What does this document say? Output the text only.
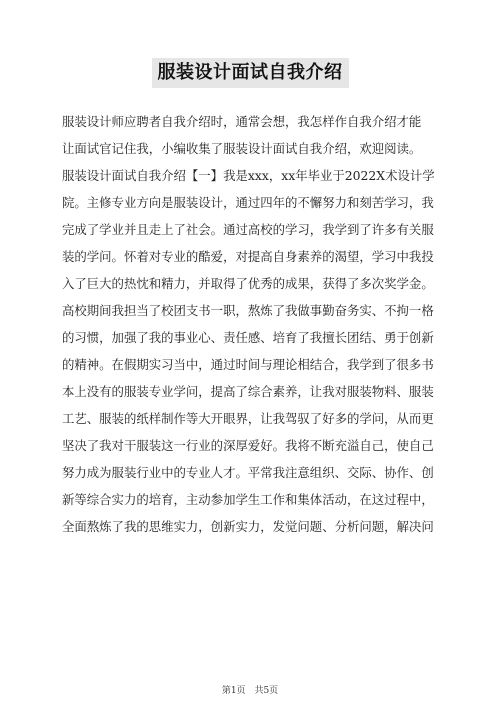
服装设计面试自我介绍
服装设计师应聘者自我介绍时，通常会想，我怎样作自我介绍才能
让面试官记住我，小编收集了服装设计面试自我介绍，欢迎阅读。
服装设计面试自我介绍【一】我是xxx，xx年毕业于2022X术设计学
院。主修专业方向是服装设计，通过四年的不懈努力和刻苦学习，我
完成了学业并且走上了社会。通过高校的学习，我学到了许多有关服
装的学问。怀着对专业的酷爱，对提高自身素养的渴望，学习中我投
入了巨大的热忱和精力，并取得了优秀的成果，获得了多次奖学金。
高校期间我担当了校团支书一职，熬炼了我做事勤奋务实、不拘一格
的习惯，加强了我的事业心、责任感、培育了我擅长团结、勇于创新
的精神。在假期实习当中，通过时间与理论相结合，我学到了很多书
本上没有的服装专业学问，提高了综合素养，让我对服装物料、服装
工艺、服装的纸样制作等大开眼界，让我驾驭了好多的学问，从而更
坚决了我对干服装这一行业的深厚爱好。我将不断充溢自己，使自己
努力成为服装行业中的专业人才。平常我注意组织、交际、协作、创
新等综合实力的培育，主动参加学生工作和集体活动，在这过程中，
全面熬炼了我的思维实力，创新实力，发觉问题、分析问题，解决问
第1页 共5页
